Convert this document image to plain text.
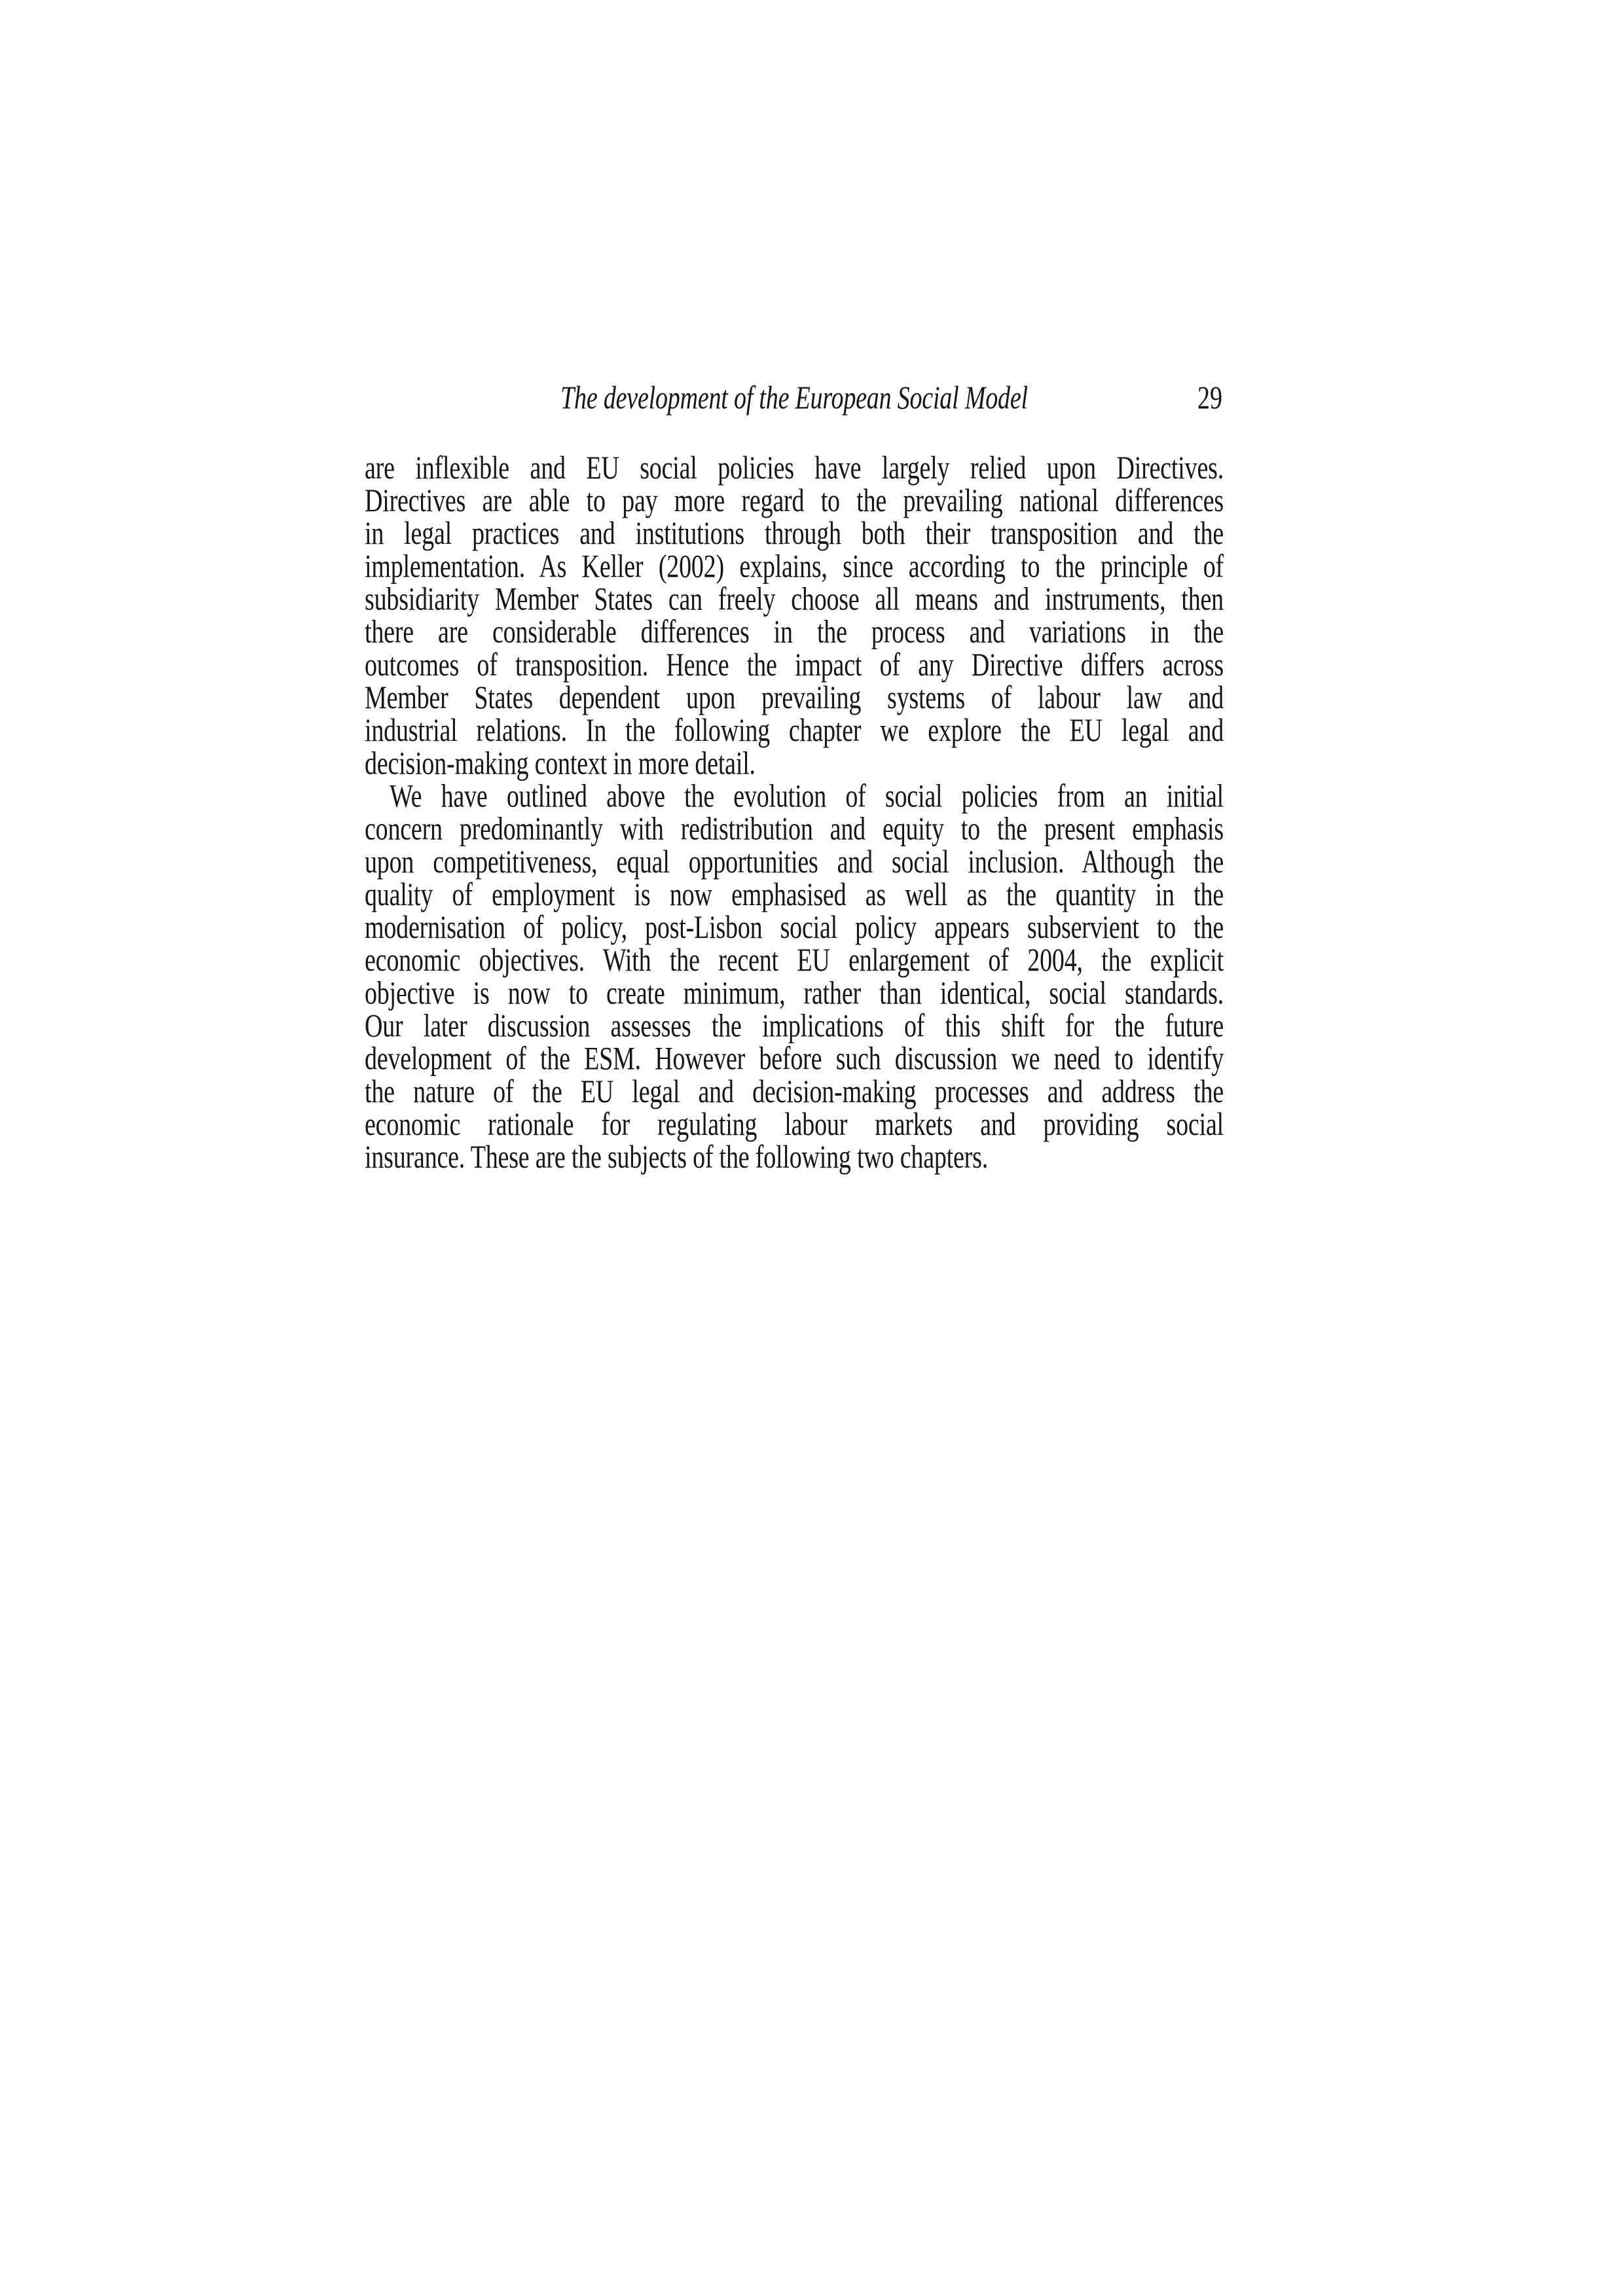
The development of the European Social Model	29
are inflexible and EU social policies have largely relied upon Directives.
Directives are able to pay more regard to the prevailing national differences
in legal practices and institutions through both their transposition and the
implementation. As Keller (2002) explains, since according to the principle of
subsidiarity Member States can freely choose all means and instruments, then
there are considerable differences in the process and variations in the
outcomes of transposition. Hence the impact of any Directive differs across
Member States dependent upon prevailing systems of labour law and
industrial relations. In the following chapter we explore the EU legal and
decision-making context in more detail.
We have outlined above the evolution of social policies from an initial
concern predominantly with redistribution and equity to the present emphasis
upon competitiveness, equal opportunities and social inclusion. Although the
quality of employment is now emphasised as well as the quantity in the
modernisation of policy, post-Lisbon social policy appears subservient to the
economic objectives. With the recent EU enlargement of 2004, the explicit
objective is now to create minimum, rather than identical, social standards.
Our later discussion assesses the implications of this shift for the future
development of the ESM. However before such discussion we need to identify
the nature of the EU legal and decision-making processes and address the
economic rationale for regulating labour markets and providing social
insurance. These are the subjects of the following two chapters.
